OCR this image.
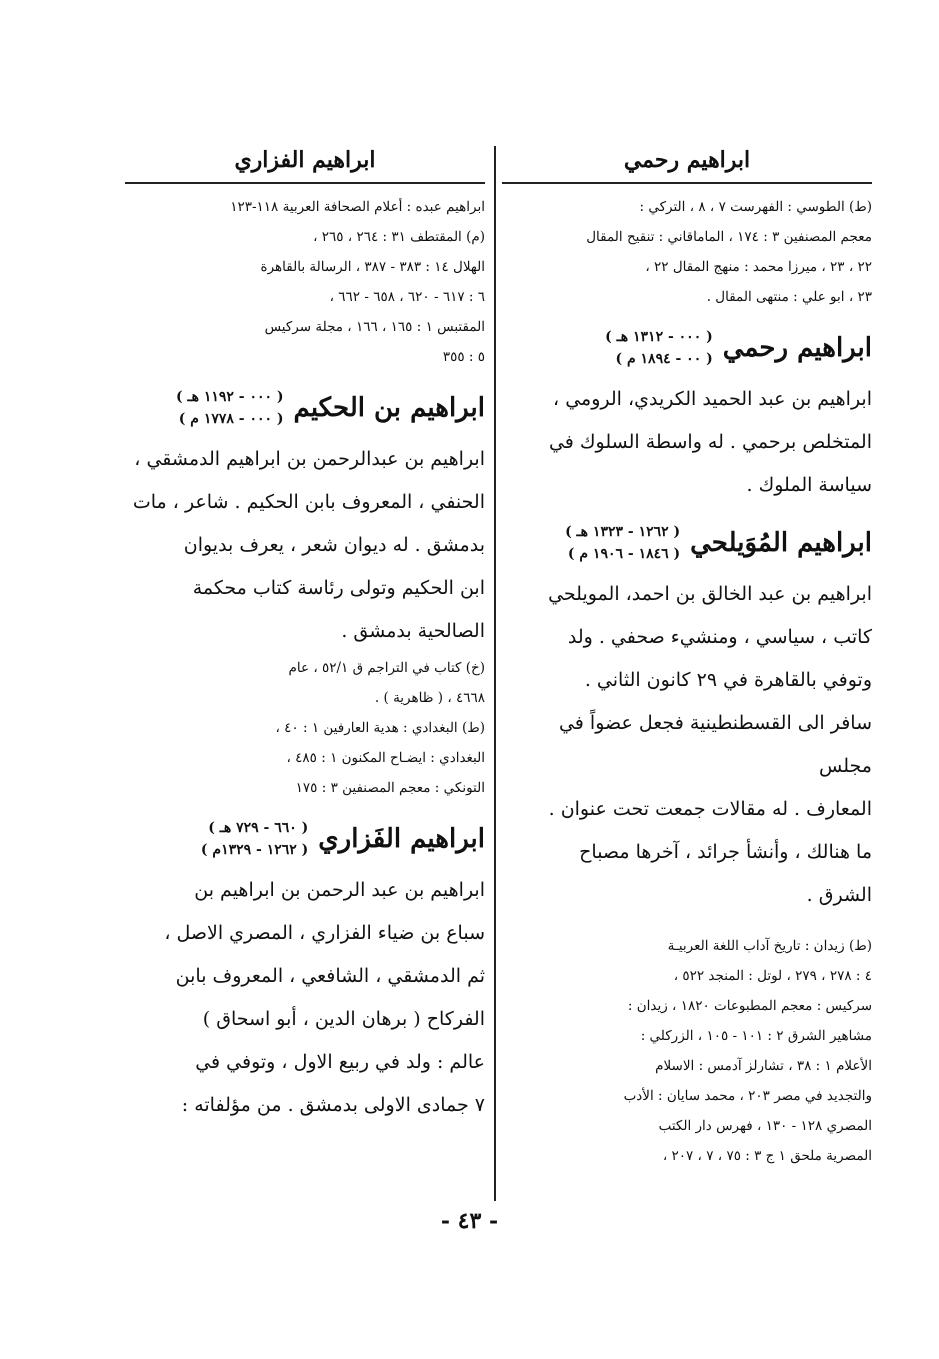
ابراهيم رحمي

(ط) الطوسي : الفهرست ٧ ، ٨ ، التركي :

معجم المصنفين ٣ : ١٧٤ ، الماماقاني : تنقيح المقال

٢٢ ، ٢٣ ، ميرزا محمد : منهج المقال ٢٢ ،

٢٣ ، ابو علي : منتهى المقال .

ابراهيم رحمي
( ٠٠٠ - ١٣١٢ هـ )
( ٠٠ - ١٨٩٤ م )

ابراهيم بن عبد الحميد الكريدي، الرومي ،

المتخلص برحمي . له واسطة السلوك في

سياسة الملوك .

ابراهيم المُوَيلحي
( ١٢٦٢ - ١٣٢٣ هـ )
( ١٨٤٦ - ١٩٠٦ م )

ابراهيم بن عبد الخالق بن احمد، المويلحي

كاتب ، سياسي ، ومنشيء صحفي . ولد

وتوفي بالقاهرة في ٢٩ كانون الثاني .

سافر الى القسطنطينية فجعل عضواً في مجلس

المعارف . له مقالات جمعت تحت عنوان .

ما هنالك ، وأنشأ جرائد ، آخرها مصباح

الشرق .

(ط) زيدان : تاريخ آداب اللغة العربيـة

٤ : ٢٧٨ ، ٢٧٩ ، لوتل : المنجد ٥٢٢ ،

سركيس : معجم المطبوعات ١٨٢٠ ، زيدان :

مشاهير الشرق ٢ : ١٠١ - ١٠٥ ، الزركلي :

الأعلام ١ : ٣٨ ، تشارلز آدمس : الاسلام

والتجديد في مصر ٢٠٣ ، محمد سايان : الأدب

المصري ١٢٨ - ١٣٠ ، فهرس دار الكتب

المصرية ملحق ١ ج ٣ : ٧٥ ، ٧ ، ٢٠٧ ،

ابراهيم الفزاري

ابراهيم عبده : أعلام الصحافة العربية ١١٨-١٢٣

(م) المقتطف ٣١ : ٢٦٤ ، ٢٦٥ ،

الهلال ١٤ : ٣٨٣ - ٣٨٧ ، الرسالة بالقاهرة

٦ : ٦١٧ - ٦٢٠ ، ٦٥٨ - ٦٦٢ ،

المقتبس ١ : ١٦٥ ، ١٦٦ ، مجلة سركيس

٥ : ٣٥٥

ابراهيم بن الحكيم
( ٠٠٠ - ١١٩٢ هـ )
( ٠٠٠ - ١٧٧٨ م )

ابراهيم بن عبدالرحمن بن ابراهيم الدمشقي ،

الحنفي ، المعروف بابن الحكيم . شاعر ، مات

بدمشق . له ديوان شعر ، يعرف بديوان

ابن الحكيم وتولى رئاسة كتاب محكمة

الصالحية بدمشق .

(خ) كتاب في التراجم ق ٥٢/١ ، عام

٤٦٦٨ ، ( ظاهرية ) .

(ط) البغدادي : هدية العارفين ١ : ٤٠ ،

البغدادي : ايضـاح المكنون ١ : ٤٨٥ ،

التونكي : معجم المصنفين ٣ : ١٧٥

ابراهيم الفَزاري
( ٦٦٠ - ٧٢٩ هـ )
( ١٢٦٢ - ١٣٢٩م )

ابراهيم بن عبد الرحمن بن ابراهيم بن

سباع بن ضياء الفزاري ، المصري الاصل ،

ثم الدمشقي ، الشافعي ، المعروف بابن

الفركاح ( برهان الدين ، أبو اسحاق )

عالم : ولد في ربيع الاول ، وتوفي في

٧ جمادى الاولى بدمشق . من مؤلفاته :

- ٤٣ -
